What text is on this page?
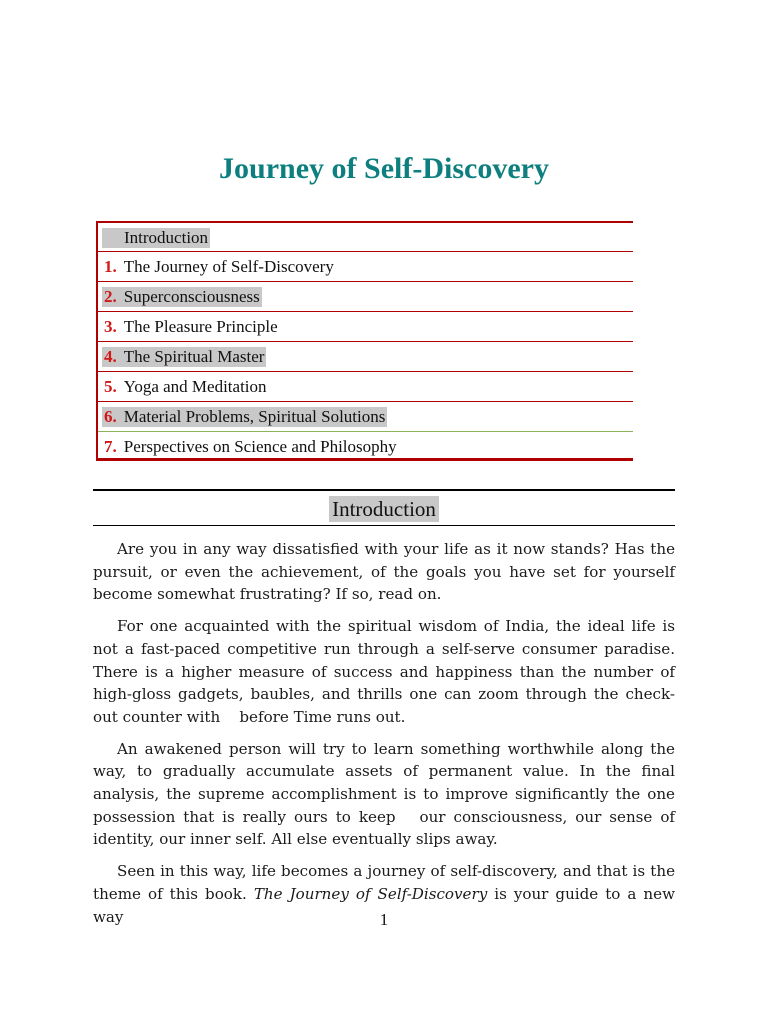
Journey of Self-Discovery
Introduction
1. The Journey of Self-Discovery
2. Superconsciousness
3. The Pleasure Principle
4. The Spiritual Master
5. Yoga and Meditation
6. Material Problems, Spiritual Solutions
7. Perspectives on Science and Philosophy
Introduction

Are you in any way dissatisfied with your life as it now stands? Has the pursuit, or even the achievement, of the goals you have set for yourself become somewhat frustrating? If so, read on.

For one acquainted with the spiritual wisdom of India, the ideal life is not a fast-paced competitive run through a self-serve consumer paradise. There is a higher measure of success and happiness than the number of high-gloss gadgets, baubles, and thrills one can zoom through the check-out counter with    before Time runs out.

An awakened person will try to learn something worthwhile along the way, to gradually accumulate assets of permanent value. In the final analysis, the supreme accomplishment is to improve significantly the one possession that is really ours to keep   our consciousness, our sense of identity, our inner self. All else eventually slips away.

Seen in this way, life becomes a journey of self-discovery, and that is the theme of this book. The Journey of Self-Discovery is your guide to a new way	1
